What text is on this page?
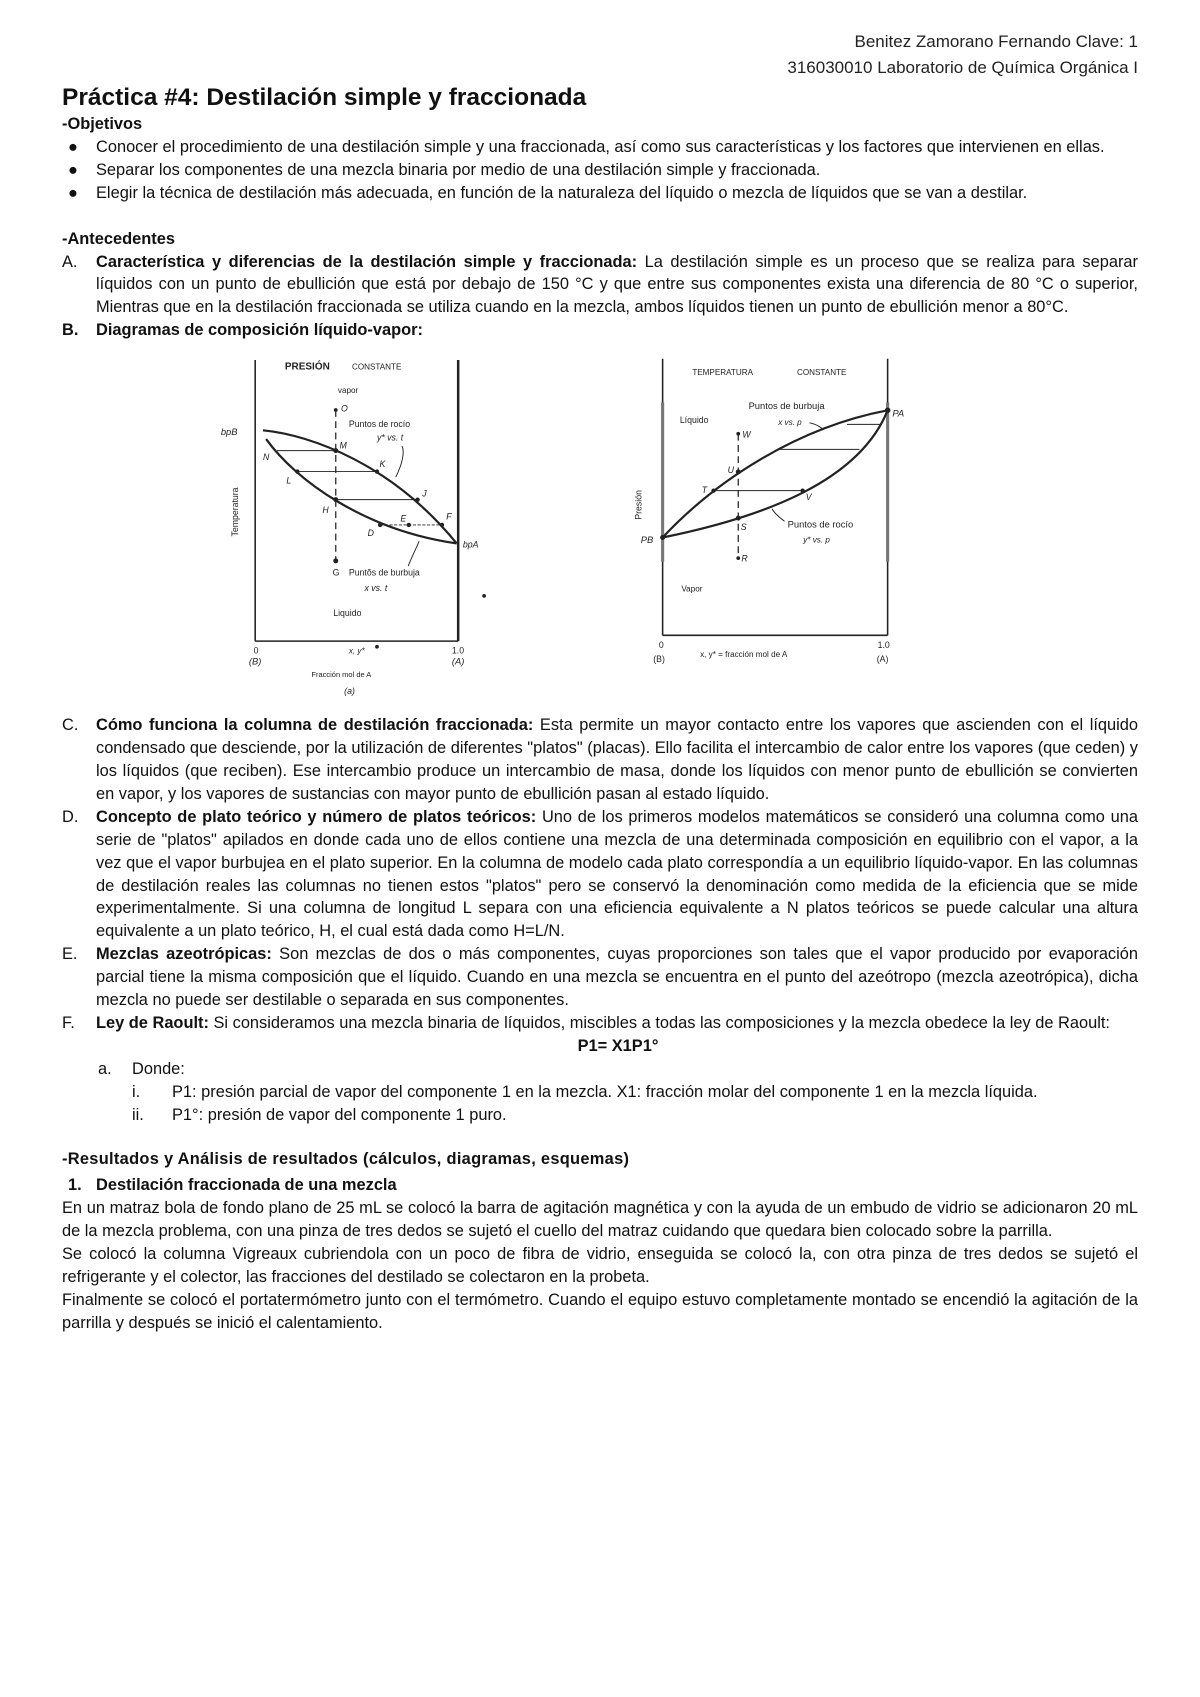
Benitez Zamorano Fernando Clave: 1
316030010 Laboratorio de Química Orgánica I
Práctica #4: Destilación simple y fraccionada
-Objetivos
● Conocer el procedimiento de una destilación simple y una fraccionada, así como sus características y los factores que intervienen en ellas.
● Separar los componentes de una mezcla binaria por medio de una destilación simple y fraccionada.
● Elegir la técnica de destilación más adecuada, en función de la naturaleza del líquido o mezcla de líquidos que se van a destilar.
-Antecedentes
A. Característica y diferencias de la destilación simple y fraccionada: La destilación simple es un proceso que se realiza para separar líquidos con un punto de ebullición que está por debajo de 150 °C y que entre sus componentes exista una diferencia de 80 °C o superior, Mientras que en la destilación fraccionada se utiliza cuando en la mezcla, ambos líquidos tienen un punto de ebullición menor a 80°C.
B. Diagramas de composición líquido-vapor:
PRESIÓN CONSTANTE
vapor
Temperatura
Puntos de rocío
y* vs. t
Puntõs de burbuja
x vs. t
Liquido
bpB
bpA
0
(B)
1.0
(A)
x, y*
Fracción mol de A
(a)
O
M
N
K
L
J
H
E F
D
G
TEMPERATURA CONSTANTE
Líquido
Vapor
Presión
Puntos de burbuja
x vs. p
Puntos de rocío
y* vs. p
PA
PB
0
(B)
1.0
(A)
x, y* = fracción mol de A
W
U
T
V
S
R
C. Cómo funciona la columna de destilación fraccionada: Esta permite un mayor contacto entre los vapores que ascienden con el líquido condensado que desciende, por la utilización de diferentes "platos" (placas). Ello facilita el intercambio de calor entre los vapores (que ceden) y los líquidos (que reciben). Ese intercambio produce un intercambio de masa, donde los líquidos con menor punto de ebullición se convierten en vapor, y los vapores de sustancias con mayor punto de ebullición pasan al estado líquido.
D. Concepto de plato teórico y número de platos teóricos: Uno de los primeros modelos matemáticos se consideró una columna como una serie de "platos" apilados en donde cada uno de ellos contiene una mezcla de una determinada composición en equilibrio con el vapor, a la vez que el vapor burbujea en el plato superior. En la columna de modelo cada plato correspondía a un equilibrio líquido-vapor. En las columnas de destilación reales las columnas no tienen estos "platos" pero se conservó la denominación como medida de la eficiencia que se mide experimentalmente. Si una columna de longitud L separa con una eficiencia equivalente a N platos teóricos se puede calcular una altura equivalente a un plato teórico, H, el cual está dada como H=L/N.
E. Mezclas azeotrópicas: Son mezclas de dos o más componentes, cuyas proporciones son tales que el vapor producido por evaporación parcial tiene la misma composición que el líquido. Cuando en una mezcla se encuentra en el punto del azeótropo (mezcla azeotrópica), dicha mezcla no puede ser destilable o separada en sus componentes.
F. Ley de Raoult: Si consideramos una mezcla binaria de líquidos, miscibles a todas las composiciones y la mezcla obedece la ley de Raoult:
P1= X1P1°
a. Donde:
i. P1: presión parcial de vapor del componente 1 en la mezcla. X1: fracción molar del componente 1 en la mezcla líquida.
ii. P1°: presión de vapor del componente 1 puro.
-Resultados y Análisis de resultados (cálculos, diagramas, esquemas)
1. Destilación fraccionada de una mezcla
En un matraz bola de fondo plano de 25 mL se colocó la barra de agitación magnética y con la ayuda de un embudo de vidrio se adicionaron 20 mL de la mezcla problema, con una pinza de tres dedos se sujetó el cuello del matraz cuidando que quedara bien colocado sobre la parrilla.
Se colocó la columna Vigreaux cubriendola con un poco de fibra de vidrio, enseguida se colocó la, con otra pinza de tres dedos se sujetó el refrigerante y el colector, las fracciones del destilado se colectaron en la probeta.
Finalmente se colocó el portatermómetro junto con el termómetro. Cuando el equipo estuvo completamente montado se encendió la agitación de la parrilla y después se inició el calentamiento.
